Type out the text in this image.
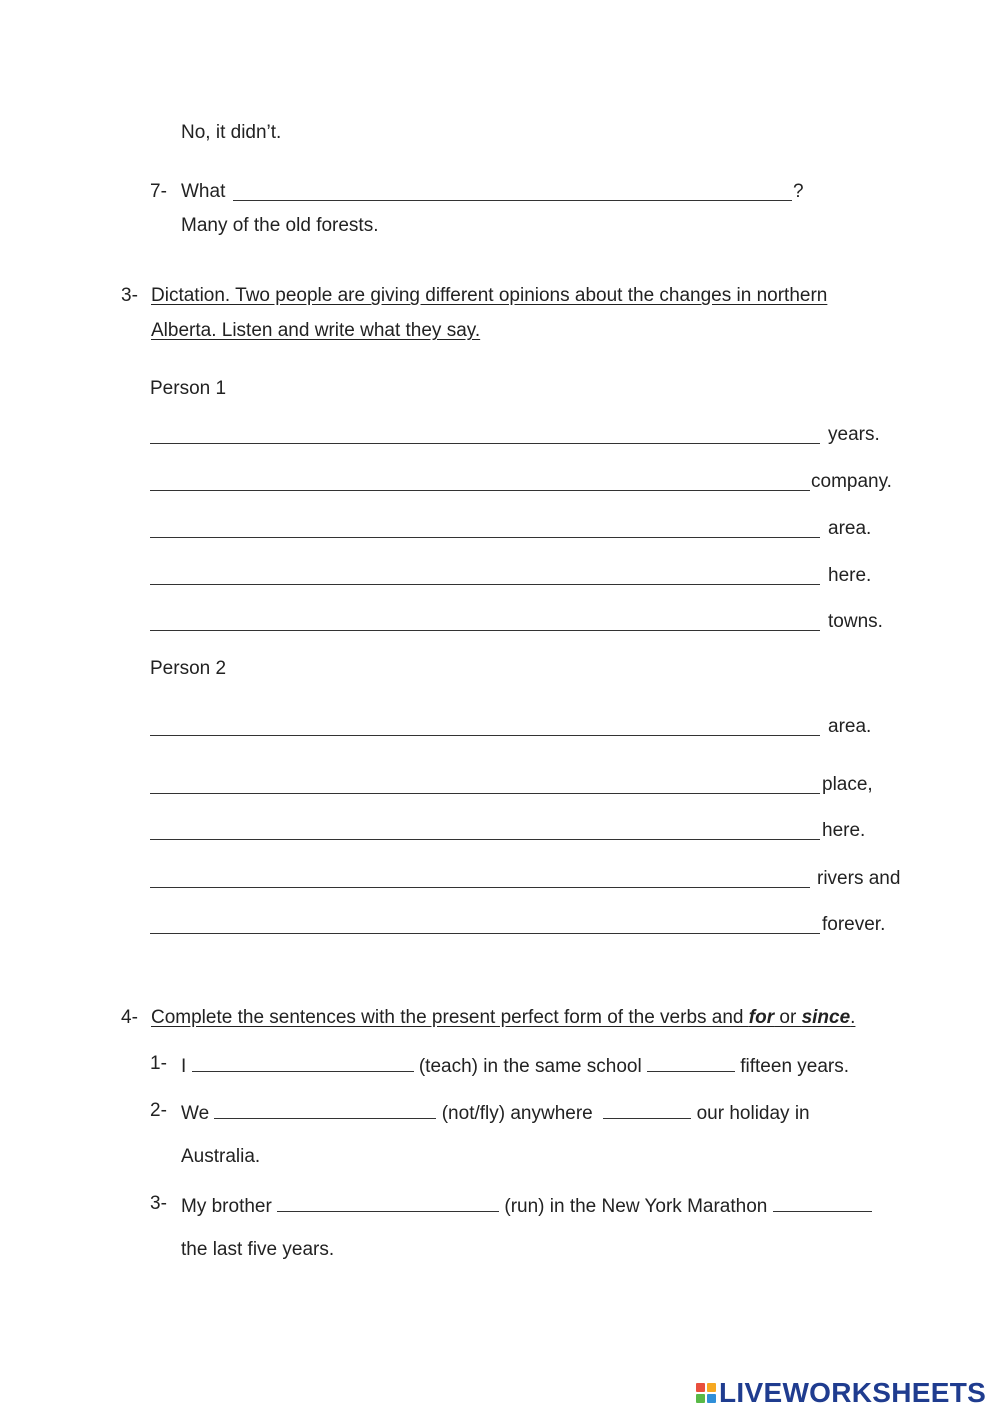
No, it didn’t.
7- What	?
Many of the old forests.
3- Dictation. Two people are giving different opinions about the changes in northern
Alberta. Listen and write what they say.
Person 1
years.
company.
area.
here.
towns.
Person 2
area.
place,
here.
rivers and
forever.
4- Complete the sentences with the present perfect form of the verbs and for or since.
1- I	(teach) in the same school	fifteen years.
2- We	(not/fly) anywhere	our holiday in
Australia.
3- My brother	(run) in the New York Marathon
the last five years.
LIVEWORKSHEETS
